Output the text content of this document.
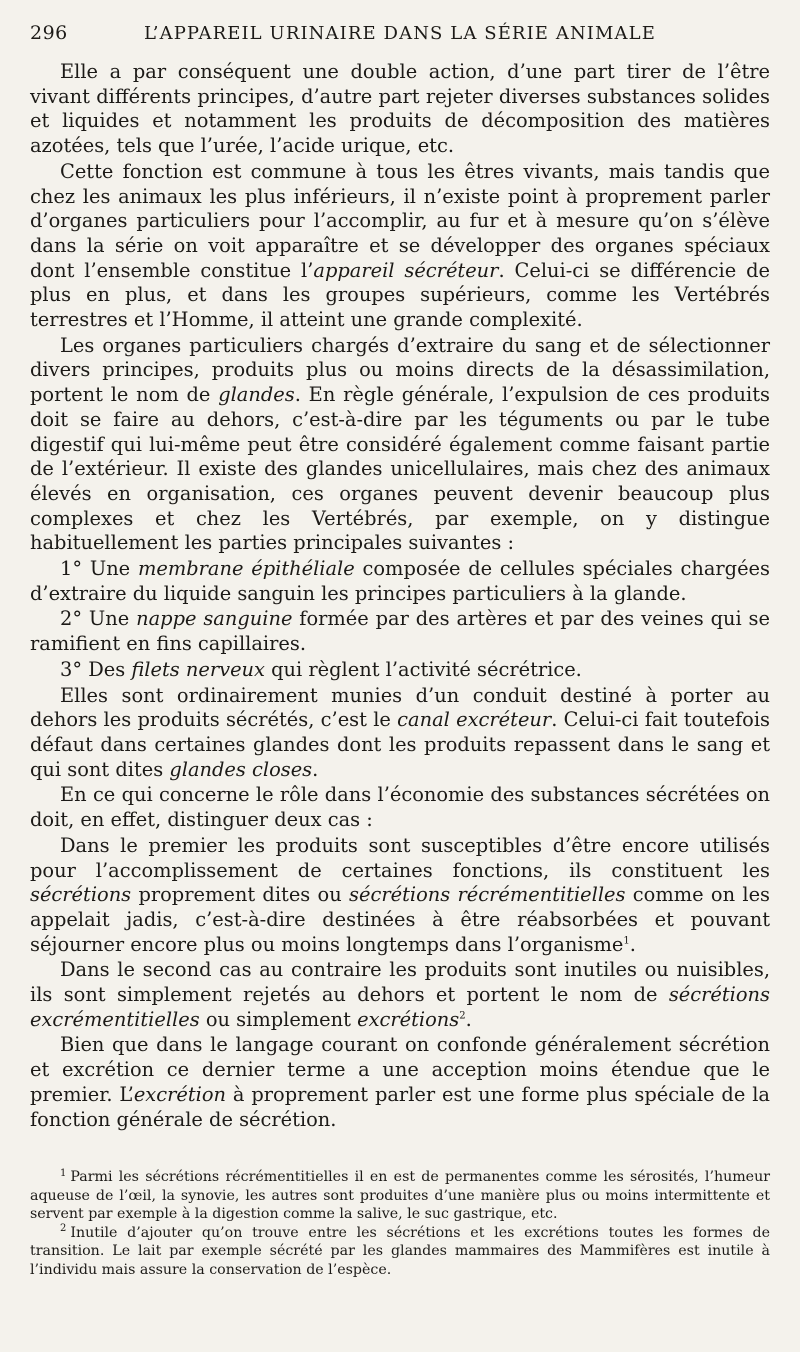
296	L’APPAREIL URINAIRE DANS LA SÉRIE ANIMALE

Elle a par conséquent une double action, d’une part tirer de l’être vivant différents principes, d’autre part rejeter diverses substances solides et liquides et notamment les produits de décomposition des matières azotées, tels que l’urée, l’acide urique, etc.

Cette fonction est commune à tous les êtres vivants, mais tandis que chez les animaux les plus inférieurs, il n’existe point à proprement parler d’organes particuliers pour l’accomplir, au fur et à mesure qu’on s’élève dans la série on voit apparaître et se développer des organes spéciaux dont l’ensemble constitue l’appareil sécréteur. Celui-ci se différencie de plus en plus, et dans les groupes supérieurs, comme les Vertébrés terrestres et l’Homme, il atteint une grande complexité.

Les organes particuliers chargés d’extraire du sang et de sélectionner divers principes, produits plus ou moins directs de la désassimilation, portent le nom de glandes. En règle générale, l’expulsion de ces produits doit se faire au dehors, c’est-à-dire par les téguments ou par le tube digestif qui lui-même peut être considéré également comme faisant partie de l’extérieur. Il existe des glandes unicellulaires, mais chez des animaux élevés en organisation, ces organes peuvent devenir beaucoup plus complexes et chez les Vertébrés, par exemple, on y distingue habituellement les parties principales suivantes :

1° Une membrane épithéliale composée de cellules spéciales chargées d’extraire du liquide sanguin les principes particuliers à la glande.

2° Une nappe sanguine formée par des artères et par des veines qui se ramifient en fins capillaires.

3° Des filets nerveux qui règlent l’activité sécrétrice.

Elles sont ordinairement munies d’un conduit destiné à porter au dehors les produits sécrétés, c’est le canal excréteur. Celui-ci fait toutefois défaut dans certaines glandes dont les produits repassent dans le sang et qui sont dites glandes closes.

En ce qui concerne le rôle dans l’économie des substances sécrétées on doit, en effet, distinguer deux cas :

Dans le premier les produits sont susceptibles d’être encore utilisés pour l’accomplissement de certaines fonctions, ils constituent les sécrétions proprement dites ou sécrétions récrémentitielles comme on les appelait jadis, c’est-à-dire destinées à être réabsorbées et pouvant séjourner encore plus ou moins longtemps dans l’organisme$^1$.

Dans le second cas au contraire les produits sont inutiles ou nuisibles, ils sont simplement rejetés au dehors et portent le nom de sécrétions excrémentitielles ou simplement excrétions$^2$.

Bien que dans le langage courant on confonde généralement sécrétion et excrétion ce dernier terme a une acception moins étendue que le premier. L’excrétion à proprement parler est une forme plus spéciale de la fonction générale de sécrétion.

$^1$ Parmi les sécrétions récrémentitielles il en est de permanentes comme les sérosités, l’humeur aqueuse de l’œil, la synovie, les autres sont produites d’une manière plus ou moins intermittente et servent par exemple à la digestion comme la salive, le suc gastrique, etc.

$^2$ Inutile d’ajouter qu’on trouve entre les sécrétions et les excrétions toutes les formes de transition. Le lait par exemple sécrété par les glandes mammaires des Mammifères est inutile à l’individu mais assure la conservation de l’espèce.
